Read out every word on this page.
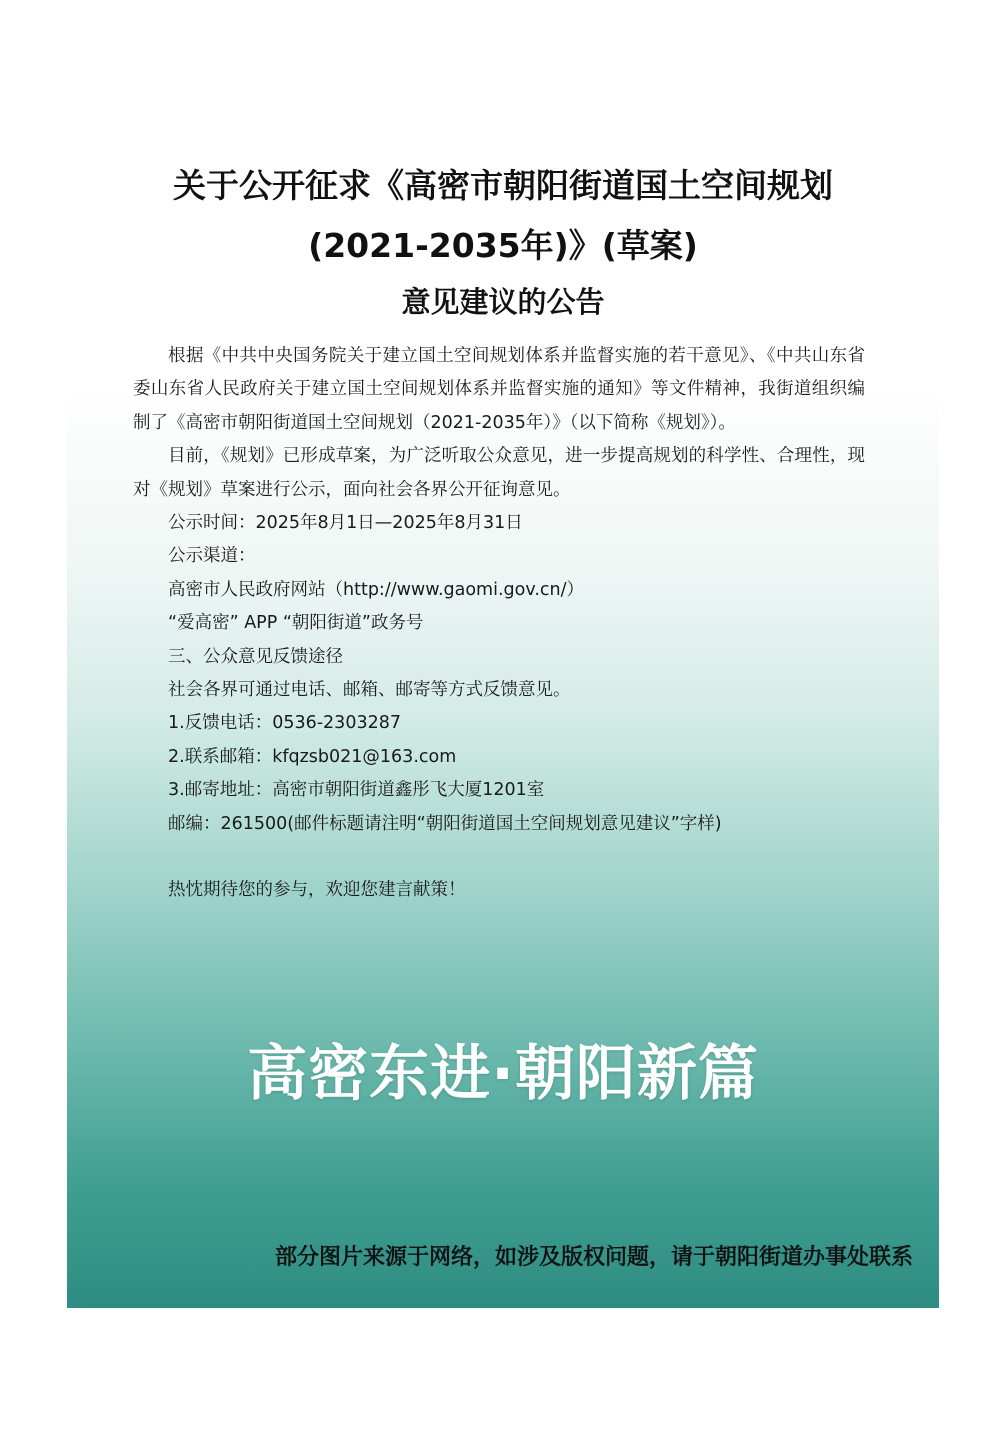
关于公开征求《高密市朝阳街道国土空间规划
(2021-2035年)》(草案)
意见建议的公告

根据《中共中央国务院关于建立国土空间规划体系并监督实施的若干意见》、《中共山东省委山东省人民政府关于建立国土空间规划体系并监督实施的通知》等文件精神，我街道组织编制了《高密市朝阳街道国土空间规划（2021-2035年）》（以下简称《规划》）。

目前，《规划》已形成草案，为广泛听取公众意见，进一步提高规划的科学性、合理性，现对《规划》草案进行公示，面向社会各界公开征询意见。

公示时间：2025年8月1日—2025年8月31日

公示渠道：

高密市人民政府网站（http://www.gaomi.gov.cn/）

“爱高密” APP “朝阳街道”政务号

三、公众意见反馈途径

社会各界可通过电话、邮箱、邮寄等方式反馈意见。

1.反馈电话：0536-2303287

2.联系邮箱：kfqzsb021@163.com

3.邮寄地址：高密市朝阳街道鑫彤飞大厦1201室

邮编：261500(邮件标题请注明“朝阳街道国土空间规划意见建议”字样)

热忱期待您的参与，欢迎您建言献策！

高密东进·朝阳新篇
部分图片来源于网络，如涉及版权问题，请于朝阳街道办事处联系
